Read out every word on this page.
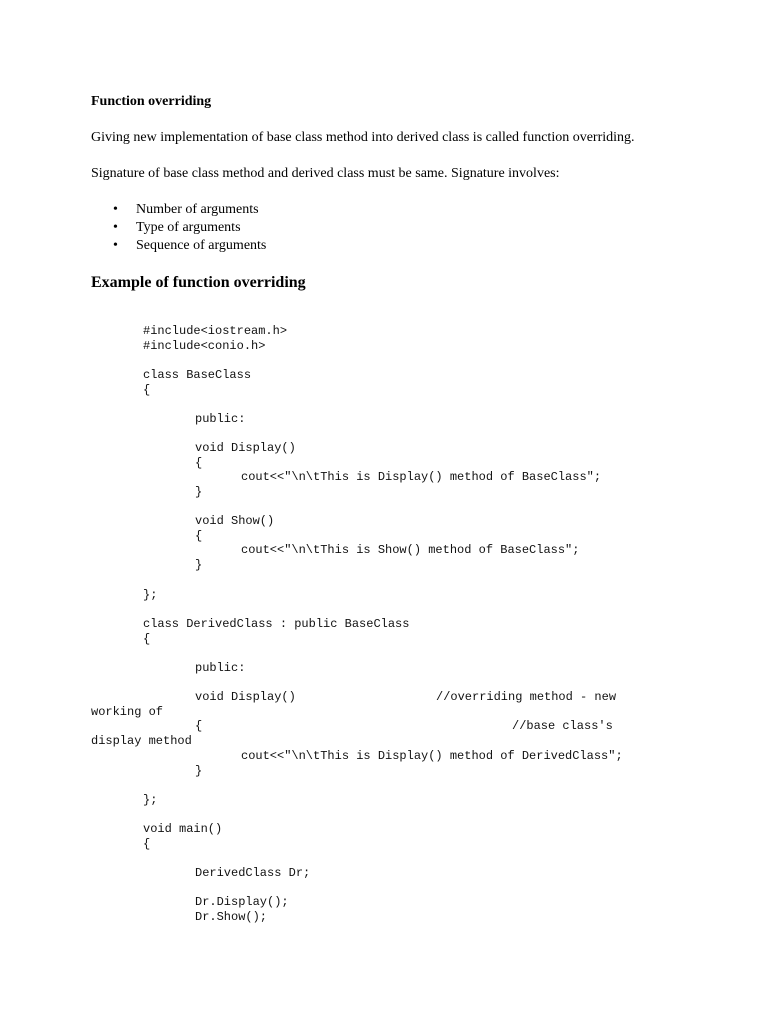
Function overriding
Giving new implementation of base class method into derived class is called function overriding.
Signature of base class method and derived class must be same. Signature involves:
• Number of arguments
• Type of arguments
• Sequence of arguments
Example of function overriding
#include<iostream.h>
#include<conio.h>
class BaseClass
{
public:
void Display()
{
cout<<"\n\tThis is Display() method of BaseClass";
}
void Show()
{
cout<<"\n\tThis is Show() method of BaseClass";
}
};
class DerivedClass : public BaseClass
{
public:
void Display()	//overriding method - new
working of
{	//base class's
display method
cout<<"\n\tThis is Display() method of DerivedClass";
}
};
void main()
{
DerivedClass Dr;
Dr.Display();
Dr.Show();
